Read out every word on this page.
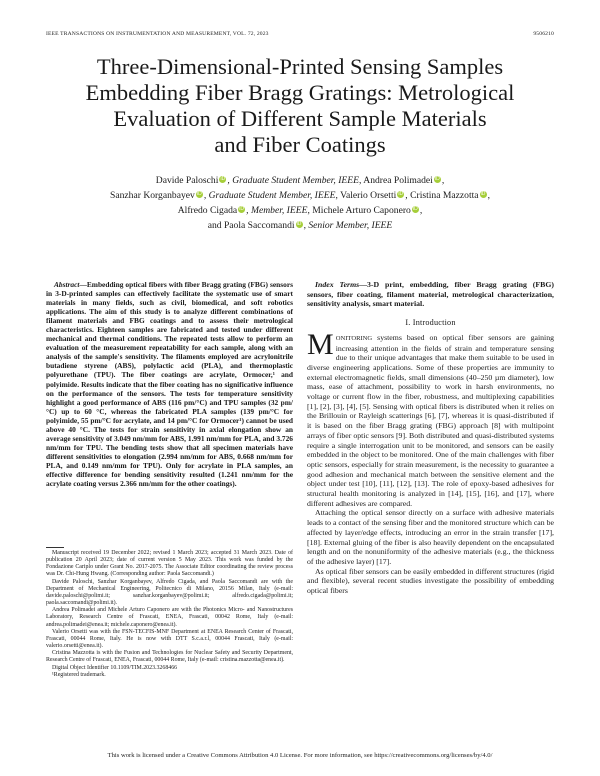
IEEE TRANSACTIONS ON INSTRUMENTATION AND MEASUREMENT, VOL. 72, 2023	9506210
Three-Dimensional-Printed Sensing Samples
Embedding Fiber Bragg Gratings: Metrological
Evaluation of Different Sample Materials
and Fiber Coatings
Davide Paloschi iD , Graduate Student Member, IEEE, Andrea Polimadei iD ,
Sanzhar Korganbayev iD , Graduate Student Member, IEEE, Valerio Orsetti iD , Cristina Mazzotta iD ,
Alfredo Cigada iD , Member, IEEE, Michele Arturo Caponero iD ,
and Paola Saccomandi iD , Senior Member, IEEE

Abstract—Embedding optical fibers with fiber Bragg grating (FBG) sensors in 3-D-printed samples can effectively facilitate the systematic use of smart materials in many fields, such as civil, biomedical, and soft robotics applications. The aim of this study is to analyze different combinations of filament materials and FBG coatings and to assess their metrological characteristics. Eighteen samples are fabricated and tested under different mechanical and thermal conditions. The repeated tests allow to perform an evaluation of the measurement repeatability for each sample, along with an analysis of the sample's sensitivity. The filaments employed are acrylonitrile butadiene styrene (ABS), polylactic acid (PLA), and thermoplastic polyurethane (TPU). The fiber coatings are acrylate, Ormocer,¹ and polyimide. Results indicate that the fiber coating has no significative influence on the performance of the sensors. The tests for temperature sensitivity highlight a good performance of ABS (116 pm/°C) and TPU samples (32 pm/°C) up to 60 °C, whereas the fabricated PLA samples (139 pm/°C for polyimide, 55 pm/°C for acrylate, and 14 pm/°C for Ormocer¹) cannot be used above 40 °C. The tests for strain sensitivity in axial elongation show an average sensitivity of 3.049 nm/mm for ABS, 1.991 nm/mm for PLA, and 3.726 nm/mm for TPU. The bending tests show that all specimen materials have different sensitivities to elongation (2.994 nm/mm for ABS, 0.668 nm/mm for PLA, and 0.149 nm/mm for TPU). Only for acrylate in PLA samples, an effective difference for bending sensitivity resulted (1.241 nm/mm for the acrylate coating versus 2.366 nm/mm for the other coatings).

Manuscript received 19 December 2022; revised 1 March 2023; accepted 31 March 2023. Date of publication 20 April 2023; date of current version 5 May 2023. This work was funded by the Fondazione Cariplo under Grant No. 2017-2075. The Associate Editor coordinating the review process was Dr. Chi-Hung Hwang. (Corresponding author: Paola Saccomandi.)

Davide Paloschi, Sanzhar Korganbayev, Alfredo Cigada, and Paola Saccomandi are with the Department of Mechanical Engineering, Politecnico di Milano, 20156 Milan, Italy (e-mail: davide.paloschi@polimi.it; sanzhar.korganbayev@polimi.it; alfredo.cigada@polimi.it; paola.saccomandi@polimi.it).

Andrea Polimadei and Michele Arturo Caponero are with the Photonics Micro- and Nanostructures Laboratory, Research Centre of Frascati, ENEA, Frascati, 00042 Rome, Italy (e-mail: andrea.polimadei@enea.it; michele.caponero@enea.it).

Valerio Orsetti was with the FSN-TECFIS-MNF Department at ENEA Research Center of Frascati, Frascati, 00044 Rome, Italy. He is now with DTT S.c.a.r.l, 00044 Frascati, Italy (e-mail: valerio.orsetti@enea.it).

Cristina Mazzotta is with the Fusion and Technologies for Nuclear Safety and Security Department, Research Centre of Frascati, ENEA, Frascati, 00044 Rome, Italy (e-mail: cristina.mazzotta@enea.it).

Digital Object Identifier 10.1109/TIM.2023.3268466

¹Registered trademark.

Index Terms—3-D print, embedding, fiber Bragg grating (FBG) sensors, fiber coating, filament material, metrological characterization, sensitivity analysis, smart material.

I. Introduction

MONITORING systems based on optical fiber sensors are gaining increasing attention in the fields of strain and temperature sensing due to their unique advantages that make them suitable to be used in diverse engineering applications. Some of these properties are immunity to external electromagnetic fields, small dimensions (40–250 µm diameter), low mass, ease of attachment, possibility to work in harsh environments, no voltage or current flow in the fiber, robustness, and multiplexing capabilities [1], [2], [3], [4], [5]. Sensing with optical fibers is distributed when it relies on the Brillouin or Rayleigh scatterings [6], [7], whereas it is quasi-distributed if it is based on the fiber Bragg grating (FBG) approach [8] with multipoint arrays of fiber optic sensors [9]. Both distributed and quasi-distributed systems require a single interrogation unit to be monitored, and sensors can be easily embedded in the object to be monitored. One of the main challenges with fiber optic sensors, especially for strain measurement, is the necessity to guarantee a good adhesion and mechanical match between the sensitive element and the object under test [10], [11], [12], [13]. The role of epoxy-based adhesives for structural health monitoring is analyzed in [14], [15], [16], and [17], where different adhesives are compared.

Attaching the optical sensor directly on a surface with adhesive materials leads to a contact of the sensing fiber and the monitored structure which can be affected by layer/edge effects, introducing an error in the strain transfer [17], [18]. External gluing of the fiber is also heavily dependent on the encapsulated length and on the nonuniformity of the adhesive materials (e.g., the thickness of the adhesive layer) [17].

As optical fiber sensors can be easily embedded in different structures (rigid and flexible), several recent studies investigate the possibility of embedding optical fibers

This work is licensed under a Creative Commons Attribution 4.0 License. For more information, see https://creativecommons.org/licenses/by/4.0/
